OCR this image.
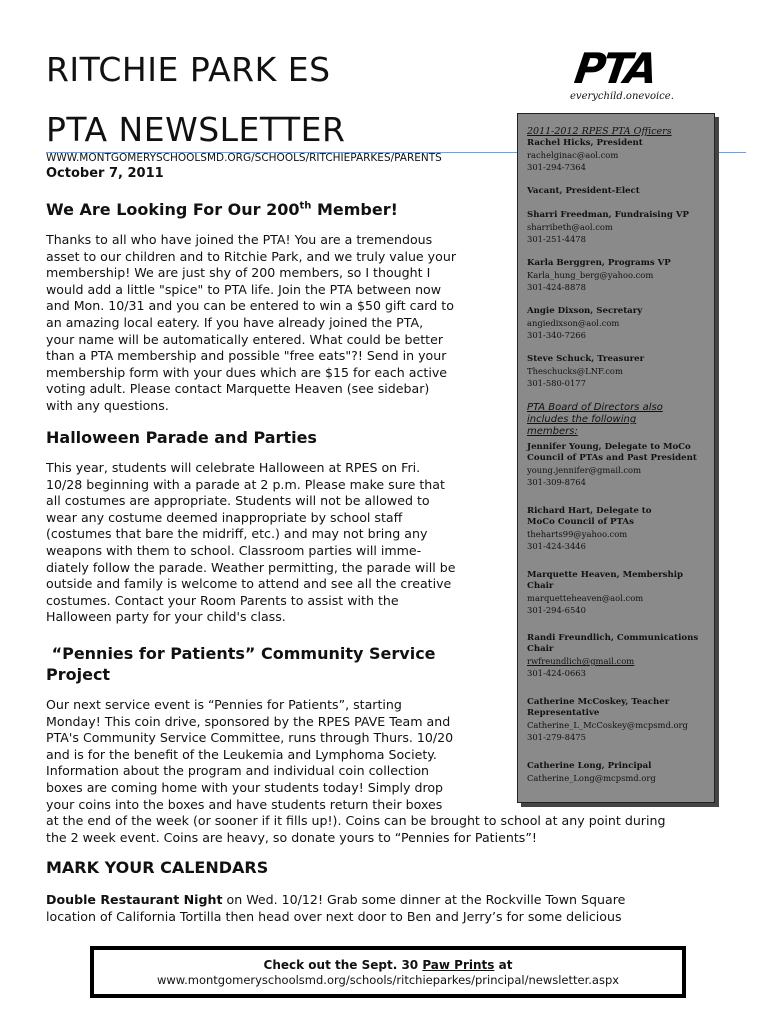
RITCHIE PARK ES
PTA NEWSLETTER
WWW.MONTGOMERYSCHOOLSMD.ORG/SCHOOLS/RITCHIEPARKES/PARENTS
October 7, 2011
PTA
everychild.onevoice.
We Are Looking For Our 200th Member!
Thanks to all who have joined the PTA! You are a tremendous
asset to our children and to Ritchie Park, and we truly value your
membership! We are just shy of 200 members, so I thought I
would add a little "spice" to PTA life. Join the PTA between now
and Mon. 10/31 and you can be entered to win a $50 gift card to
an amazing local eatery. If you have already joined the PTA,
your name will be automatically entered. What could be better
than a PTA membership and possible "free eats"?! Send in your
membership form with your dues which are $15 for each active
voting adult. Please contact Marquette Heaven (see sidebar)
with any questions.
Halloween Parade and Parties
This year, students will celebrate Halloween at RPES on Fri.
10/28 beginning with a parade at 2 p.m. Please make sure that
all costumes are appropriate. Students will not be allowed to
wear any costume deemed inappropriate by school staff
(costumes that bare the midriff, etc.) and may not bring any
weapons with them to school. Classroom parties will imme-
diately follow the parade. Weather permitting, the parade will be
outside and family is welcome to attend and see all the creative
costumes. Contact your Room Parents to assist with the
Halloween party for your child's class.
“Pennies for Patients” Community Service
Project
Our next service event is “Pennies for Patients”, starting
Monday! This coin drive, sponsored by the RPES PAVE Team and
PTA's Community Service Committee, runs through Thurs. 10/20
and is for the benefit of the Leukemia and Lymphoma Society.
Information about the program and individual coin collection
boxes are coming home with your students today! Simply drop
your coins into the boxes and have students return their boxes
at the end of the week (or sooner if it fills up!). Coins can be brought to school at any point during
the 2 week event. Coins are heavy, so donate yours to “Pennies for Patients”!
MARK YOUR CALENDARS
Double Restaurant Night on Wed. 10/12! Grab some dinner at the Rockville Town Square
location of California Tortilla then head over next door to Ben and Jerry’s for some delicious
2011-2012 RPES PTA Officers
Rachel Hicks, President
rachelginac@aol.com
301-294-7364
Vacant, President-Elect
Sharri Freedman, Fundraising VP
sharribeth@aol.com
301-251-4478
Karla Berggren, Programs VP
Karla_hung_berg@yahoo.com
301-424-8878
Angie Dixson, Secretary
angiedixson@aol.com
301-340-7266
Steve Schuck, Treasurer
Theschucks@LNF.com
301-580-0177
PTA Board of Directors also includes the following members:
Jennifer Young, Delegate to MoCo Council of PTAs and Past President
young.jennifer@gmail.com
301-309-8764
Richard Hart, Delegate to MoCo Council of PTAs
theharts99@yahoo.com
301-424-3446
Marquette Heaven, Membership Chair
marquetteheaven@aol.com
301-294-6540
Randi Freundlich, Communications Chair
rwfreundlich@gmail.com
301-424-0663
Catherine McCoskey, Teacher Representative
Catherine_L_McCoskey@mcpsmd.org
301-279-8475
Catherine Long, Principal
Catherine_Long@mcpsmd.org
Check out the Sept. 30 Paw Prints at
www.montgomeryschoolsmd.org/schools/ritchieparkes/principal/newsletter.aspx
